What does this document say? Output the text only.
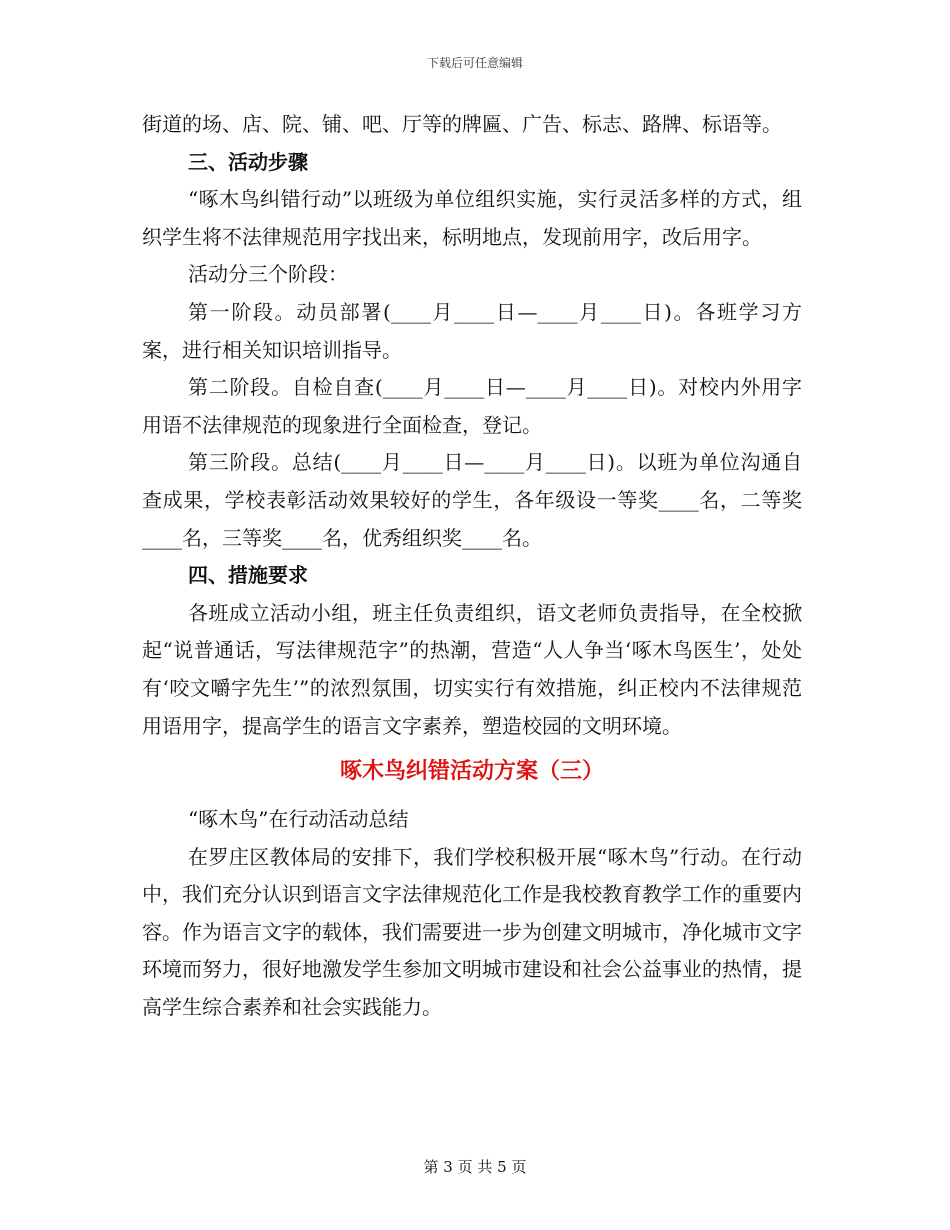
下载后可任意编辑

街道的场、店、院、铺、吧、厅等的牌匾、广告、标志、路牌、标语等。

三、活动步骤

“啄木鸟纠错行动”以班级为单位组织实施，实行灵活多样的方式，组织学生将不法律规范用字找出来，标明地点，发现前用字，改后用字。

活动分三个阶段：

第一阶段。动员部署(____月____日—____月____日)。各班学习方案，进行相关知识培训指导。

第二阶段。自检自查(____月____日—____月____日)。对校内外用字用语不法律规范的现象进行全面检查，登记。

第三阶段。总结(____月____日—____月____日)。以班为单位沟通自查成果，学校表彰活动效果较好的学生，各年级设一等奖____名，二等奖____名，三等奖____名，优秀组织奖____名。

四、措施要求

各班成立活动小组，班主任负责组织，语文老师负责指导，在全校掀起“说普通话，写法律规范字”的热潮，营造“人人争当‘啄木鸟医生’，处处有‘咬文嚼字先生’”的浓烈氛围，切实实行有效措施，纠正校内不法律规范用语用字，提高学生的语言文字素养，塑造校园的文明环境。

啄木鸟纠错活动方案（三）

“啄木鸟”在行动活动总结

在罗庄区教体局的安排下，我们学校积极开展“啄木鸟”行动。在行动中，我们充分认识到语言文字法律规范化工作是我校教育教学工作的重要内容。作为语言文字的载体，我们需要进一步为创建文明城市，净化城市文字环境而努力，很好地激发学生参加文明城市建设和社会公益事业的热情，提高学生综合素养和社会实践能力。

第 3 页 共 5 页
